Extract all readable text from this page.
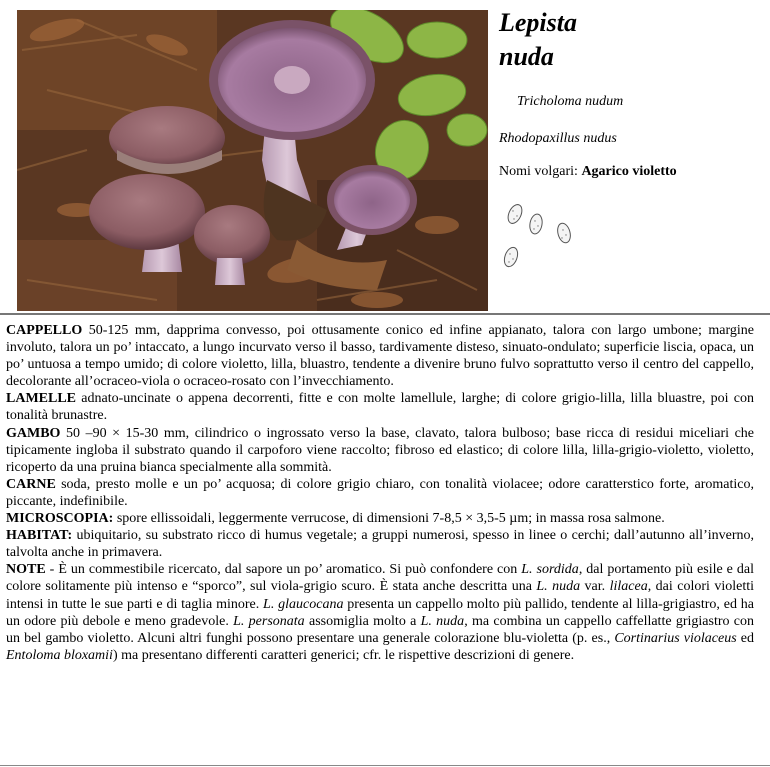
Lepista
nuda
Tricholoma nudum
Rhodopaxillus nudus
Nomi volgari: Agarico violetto

CAPPELLO 50-125 mm, dapprima convesso, poi ottusamente conico ed infine appianato, talora con largo umbone; margine involuto, talora un po’ intaccato, a lungo incurvato verso il basso, tardivamente disteso, sinuato-ondulato; superficie liscia, opaca, un po’ untuosa a tempo umido; di colore violetto, lilla, bluastro, tendente a divenire bruno fulvo soprattutto verso il centro del cappello, decolorante all’ocraceo-viola o ocraceo-rosato con l’invecchiamento.

LAMELLE adnato-uncinate o appena decorrenti, fitte e con molte lamellule, larghe; di colore grigio-lilla, lilla bluastre, poi con tonalità brunastre.

GAMBO 50 –90 × 15-30 mm, cilindrico o ingrossato verso la base, clavato, talora bulboso; base ricca di residui miceliari che tipicamente ingloba il substrato quando il carpoforo viene raccolto; fibroso ed elastico; di colore lilla, lilla-grigio-violetto, violetto, ricoperto da una pruina bianca specialmente alla sommità.

CARNE soda, presto molle e un po’ acquosa; di colore grigio chiaro, con tonalità violacee; odore caratterstico forte, aromatico, piccante, indefinibile.

MICROSCOPIA: spore ellissoidali, leggermente verrucose, di dimensioni 7-8,5 × 3,5-5 µm; in massa rosa salmone.

HABITAT: ubiquitario, su substrato ricco di humus vegetale; a gruppi numerosi, spesso in linee o cerchi; dall’autunno all’inverno, talvolta anche in primavera.

NOTE - È un commestibile ricercato, dal sapore un po’ aromatico. Si può confondere con L. sordida, dal portamento più esile e dal colore solitamente più intenso e “sporco”, sul viola-grigio scuro. È stata anche descritta una L. nuda var. lilacea, dai colori violetti intensi in tutte le sue parti e di taglia minore. L. glaucocana presenta un cappello molto più pallido, tendente al lilla-grigiastro, ed ha un odore più debole e meno gradevole. L. personata assomiglia molto a L. nuda, ma combina un cappello caffellatte grigiastro con un bel gambo violetto. Alcuni altri funghi possono presentare una generale colorazione blu-violetta (p. es., Cortinarius violaceus ed Entoloma bloxamii) ma presentano differenti caratteri generici; cfr. le rispettive descrizioni di genere.
